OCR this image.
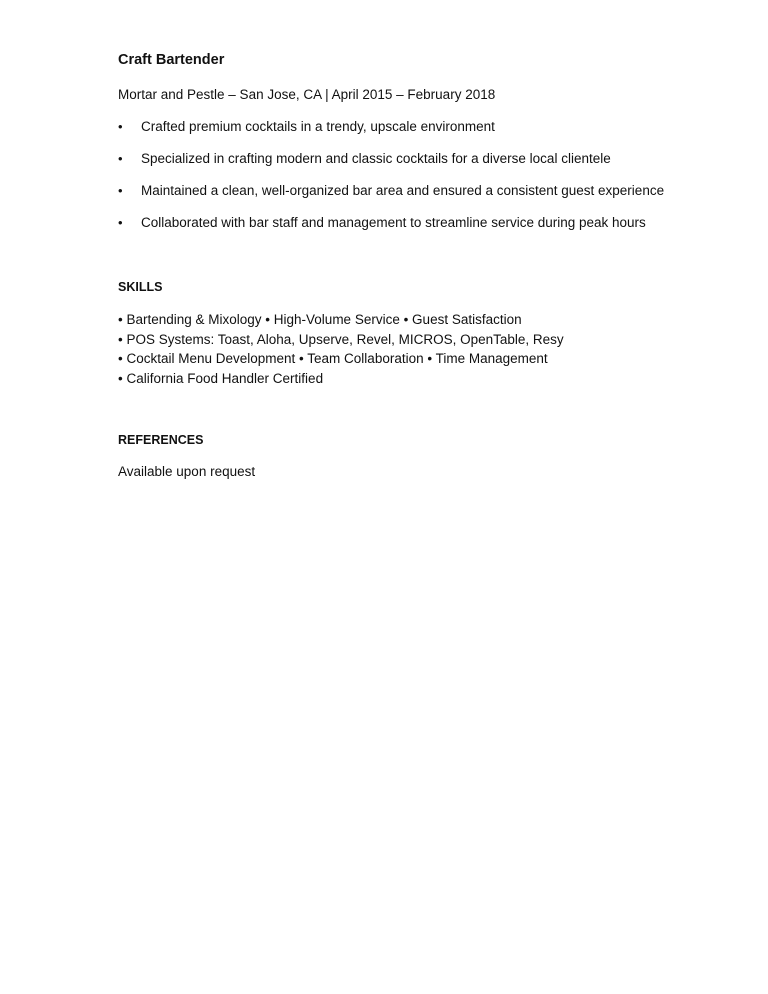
Craft Bartender

Mortar and Pestle – San Jose, CA | April 2015 – February 2018

• Crafted premium cocktails in a trendy, upscale environment
• Specialized in crafting modern and classic cocktails for a diverse local clientele
• Maintained a clean, well-organized bar area and ensured a consistent guest experience
• Collaborated with bar staff and management to streamline service during peak hours
SKILLS
• Bartending & Mixology • High-Volume Service • Guest Satisfaction
• POS Systems: Toast, Aloha, Upserve, Revel, MICROS, OpenTable, Resy
• Cocktail Menu Development • Team Collaboration • Time Management
• California Food Handler Certified
REFERENCES

Available upon request
